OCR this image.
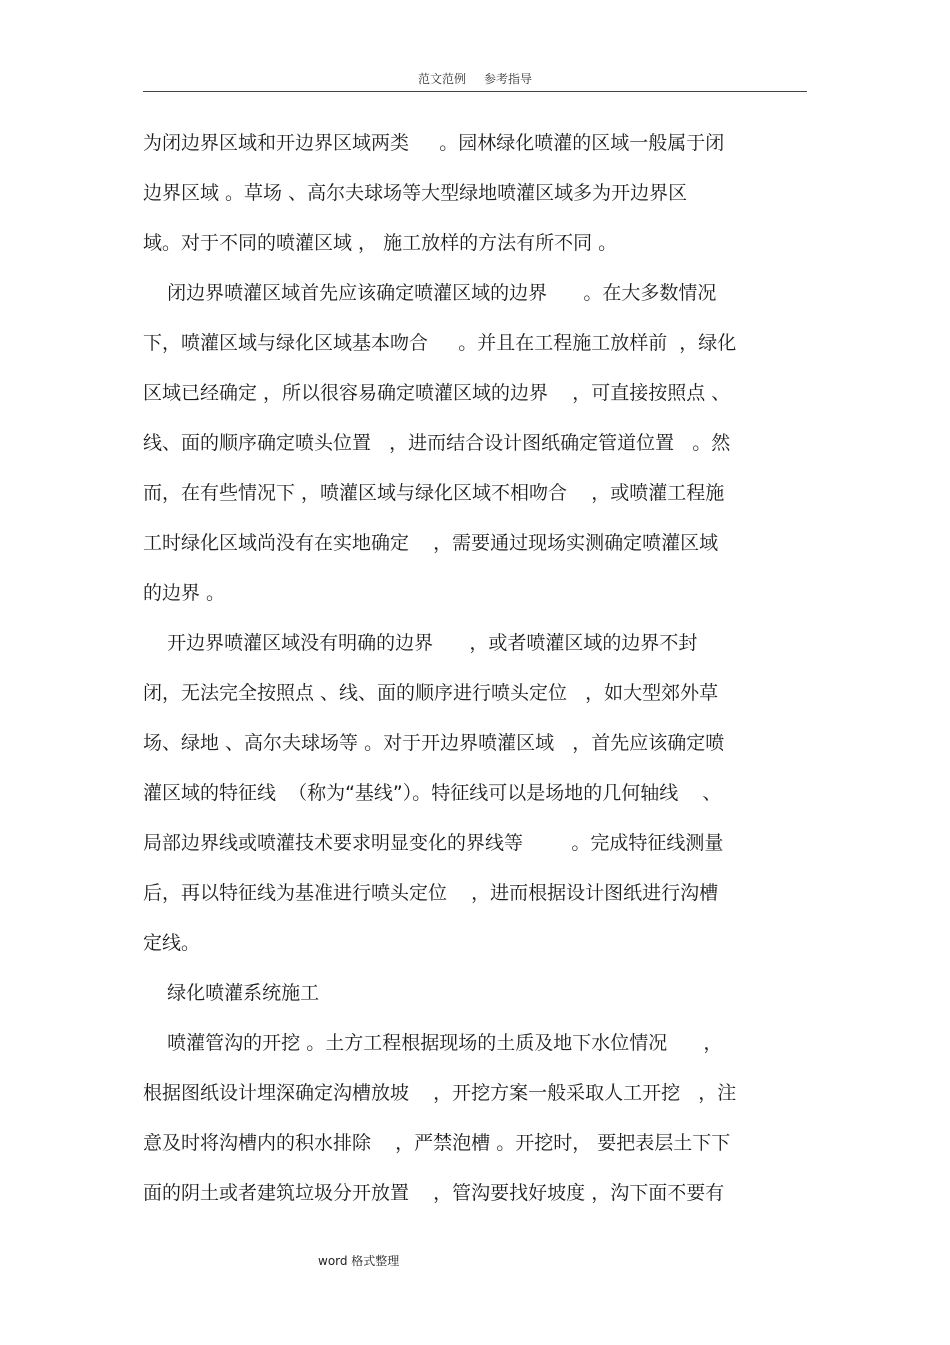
范文范例 参考指导
为闭边界区域和开边界区域两类     。园林绿化喷灌的区域一般属于闭
边界区域 。草场 、高尔夫球场等大型绿地喷灌区域多为开边界区
域。对于不同的喷灌区域 ， 施工放样的方法有所不同 。
闭边界喷灌区域首先应该确定喷灌区域的边界      。在大多数情况
下，喷灌区域与绿化区域基本吻合     。并且在工程施工放样前  ，绿化
区域已经确定 ，所以很容易确定喷灌区域的边界    ，可直接按照点 、
线、面的顺序确定喷头位置   ，进而结合设计图纸确定管道位置   。然
而，在有些情况下 ，喷灌区域与绿化区域不相吻合    ，或喷灌工程施
工时绿化区域尚没有在实地确定    ，需要通过现场实测确定喷灌区域
的边界 。
开边界喷灌区域没有明确的边界      ，或者喷灌区域的边界不封
闭，无法完全按照点 、线、面的顺序进行喷头定位   ，如大型郊外草
场、绿地 、高尔夫球场等 。对于开边界喷灌区域   ，首先应该确定喷
灌区域的特征线  （称为“基线”）。特征线可以是场地的几何轴线    、
局部边界线或喷灌技术要求明显变化的界线等        。完成特征线测量
后，再以特征线为基准进行喷头定位    ，进而根据设计图纸进行沟槽
定线。
绿化喷灌系统施工
喷灌管沟的开挖 。土方工程根据现场的土质及地下水位情况      ，
根据图纸设计埋深确定沟槽放坡    ，开挖方案一般采取人工开挖   ，注
意及时将沟槽内的积水排除    ，严禁泡槽 。开挖时， 要把表层土下下
面的阴土或者建筑垃圾分开放置    ，管沟要找好坡度 ，沟下面不要有
word 格式整理
